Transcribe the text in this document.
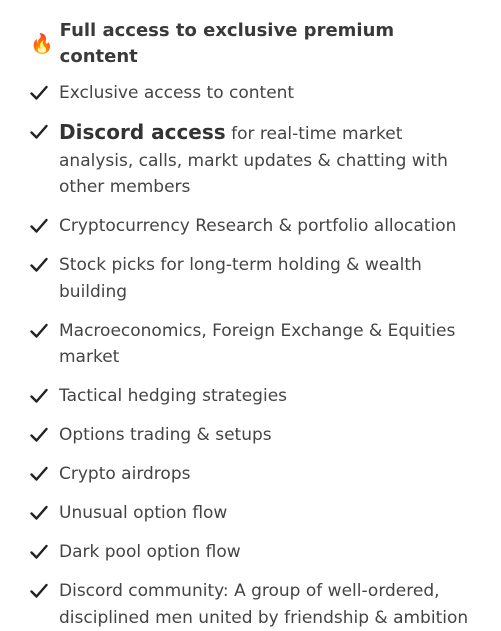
🔥
Full access to exclusive premium content
Exclusive access to content
Discord access for real-time market analysis, calls, markt updates & chatting with other members
Cryptocurrency Research & portfolio allocation
Stock picks for long-term holding & wealth building
Macroeconomics, Foreign Exchange & Equities market
Tactical hedging strategies
Options trading & setups
Crypto airdrops
Unusual option flow
Dark pool option flow
Discord community: A group of well-ordered, disciplined men united by friendship & ambition
